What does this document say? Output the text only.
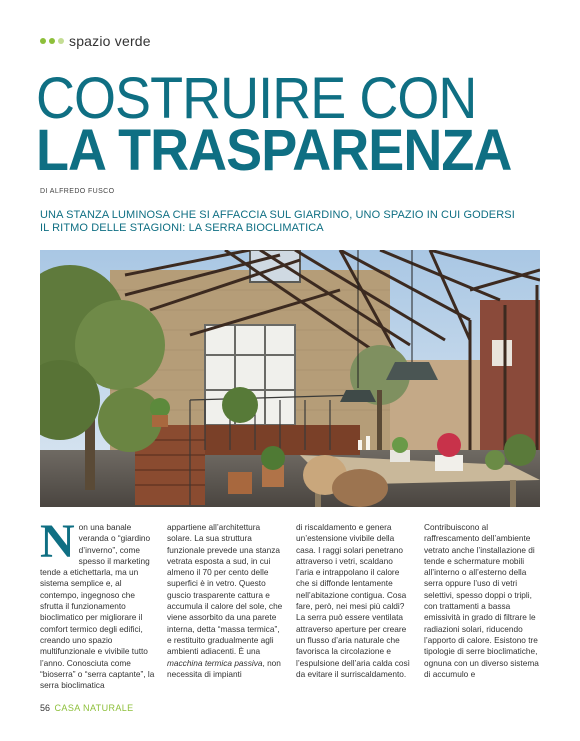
spazio verde
COSTRUIRE CON
LA TRASPARENZA
DI ALFREDO FUSCO
UNA STANZA LUMINOSA CHE SI AFFACCIA SUL GIARDINO, UNO SPAZIO IN CUI GODERSI IL RITMO DELLE STAGIONI: LA SERRA BIOCLIMATICA
Non una banale veranda o “giardino d’inverno”, come spesso il marketing tende a etichettarla, ma un sistema semplice e, al contempo, ingegnoso che sfrutta il funzionamento bioclimatico per migliorare il comfort termico degli edifici, creando uno spazio multifunzionale e vivibile tutto l’anno. Conosciuta come “bioserra” o “serra captante”, la serra bioclimatica
appartiene all’architettura solare. La sua struttura funzionale prevede una stanza vetrata esposta a sud, in cui almeno il 70 per cento delle superfici è in vetro. Questo guscio trasparente cattura e accumula il calore del sole, che viene assorbito da una parete interna, detta “massa termica”, e restituito gradualmente agli ambienti adiacenti. È una macchina termica passiva, non necessita di impianti
di riscaldamento e genera un’estensione vivibile della casa. I raggi solari penetrano attraverso i vetri, scaldano l’aria e intrappolano il calore che si diffonde lentamente nell’abitazione contigua. Cosa fare, però, nei mesi più caldi? La serra può essere ventilata attraverso aperture per creare un flusso d’aria naturale che favorisca la circolazione e l’espulsione dell’aria calda così da evitare il surriscaldamento.
Contribuiscono al raffrescamento dell’ambiente vetrato anche l’installazione di tende e schermature mobili all’interno o all’esterno della serra oppure l’uso di vetri selettivi, spesso doppi o tripli, con trattamenti a bassa emissività in grado di filtrare le radiazioni solari, riducendo l’apporto di calore. Esistono tre tipologie di serre bioclimatiche, ognuna con un diverso sistema di accumulo e
56 CASA NATURALE
